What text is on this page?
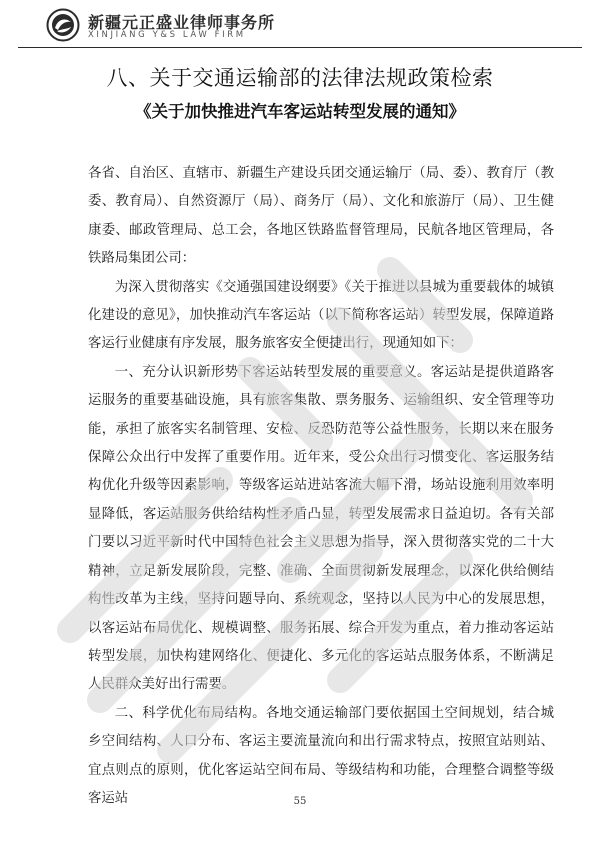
新疆元正盛业律师事务所
XINJIANG Y&S LAW FIRM
八、关于交通运输部的法律法规政策检索
《关于加快推进汽车客运站转型发展的通知》

各省、自治区、直辖市、新疆生产建设兵团交通运输厅（局、委）、教育厅（教委、教育局）、自然资源厅（局）、商务厅（局）、文化和旅游厅（局）、卫生健康委、邮政管理局、总工会，各地区铁路监督管理局，民航各地区管理局，各铁路局集团公司：

为深入贯彻落实《交通强国建设纲要》《关于推进以县城为重要载体的城镇化建设的意见》，加快推动汽车客运站（以下简称客运站）转型发展，保障道路客运行业健康有序发展，服务旅客安全便捷出行，现通知如下：

一、充分认识新形势下客运站转型发展的重要意义。客运站是提供道路客运服务的重要基础设施，具有旅客集散、票务服务、运输组织、安全管理等功能，承担了旅客实名制管理、安检、反恐防范等公益性服务，长期以来在服务保障公众出行中发挥了重要作用。近年来，受公众出行习惯变化、客运服务结构优化升级等因素影响，等级客运站进站客流大幅下滑，场站设施利用效率明显降低，客运站服务供给结构性矛盾凸显，转型发展需求日益迫切。各有关部门要以习近平新时代中国特色社会主义思想为指导，深入贯彻落实党的二十大精神，立足新发展阶段，完整、准确、全面贯彻新发展理念，以深化供给侧结构性改革为主线，坚持问题导向、系统观念，坚持以人民为中心的发展思想，以客运站布局优化、规模调整、服务拓展、综合开发为重点，着力推动客运站转型发展，加快构建网络化、便捷化、多元化的客运站点服务体系，不断满足人民群众美好出行需要。

二、科学优化布局结构。各地交通运输部门要依据国土空间规划，结合城乡空间结构、人口分布、客运主要流量流向和出行需求特点，按照宜站则站、宜点则点的原则，优化客运站空间布局、等级结构和功能，合理整合调整等级客运站	55
